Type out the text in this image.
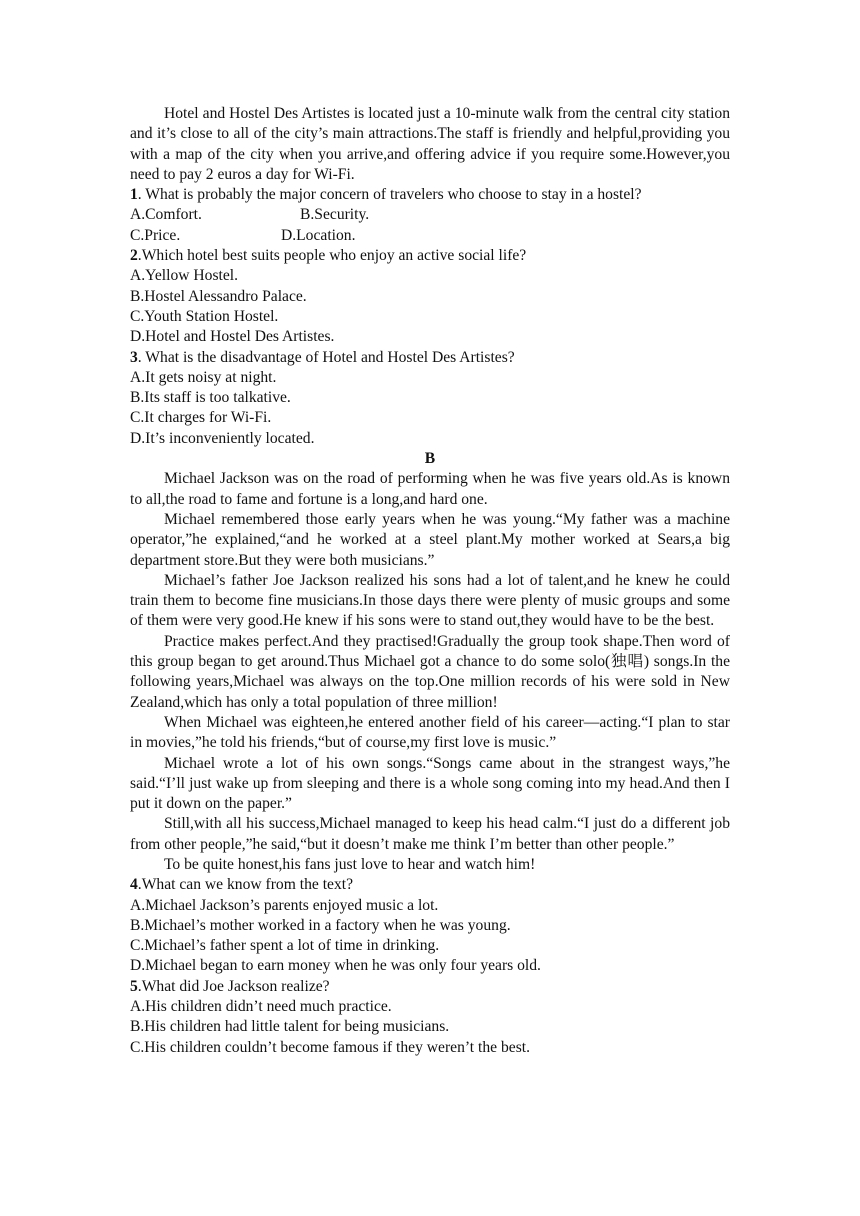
Hotel and Hostel Des Artistes is located just a 10-minute walk from the central city station and it’s close to all of the city’s main attractions.The staff is friendly and helpful,providing you with a map of the city when you arrive,and offering advice if you require some.However,you need to pay 2 euros a day for Wi-Fi.

1. What is probably the major concern of travelers who choose to stay in a hostel?

A.Comfort.	B.Security.

C.Price.	D.Location.

2.Which hotel best suits people who enjoy an active social life?

A.Yellow Hostel.

B.Hostel Alessandro Palace.

C.Youth Station Hostel.

D.Hotel and Hostel Des Artistes.

3. What is the disadvantage of Hotel and Hostel Des Artistes?

A.It gets noisy at night.

B.Its staff is too talkative.

C.It charges for Wi-Fi.

D.It’s inconveniently located.

B

Michael Jackson was on the road of performing when he was five years old.As is known to all,the road to fame and fortune is a long,and hard one.

Michael remembered those early years when he was young.“My father was a machine operator,”he explained,“and he worked at a steel plant.My mother worked at Sears,a big department store.But they were both musicians.”

Michael’s father Joe Jackson realized his sons had a lot of talent,and he knew he could train them to become fine musicians.In those days there were plenty of music groups and some of them were very good.He knew if his sons were to stand out,they would have to be the best.

Practice makes perfect.And they practised!Gradually the group took shape.Then word of this group began to get around.Thus Michael got a chance to do some solo(独唱) songs.In the following years,Michael was always on the top.One million records of his were sold in New Zealand,which has only a total population of three million!

When Michael was eighteen,he entered another field of his career—acting.“I plan to star in movies,”he told his friends,“but of course,my first love is music.”

Michael wrote a lot of his own songs.“Songs came about in the strangest ways,”he said.“I’ll just wake up from sleeping and there is a whole song coming into my head.And then I put it down on the paper.”

Still,with all his success,Michael managed to keep his head calm.“I just do a different job from other people,”he said,“but it doesn’t make me think I’m better than other people.”

To be quite honest,his fans just love to hear and watch him!

4.What can we know from the text?

A.Michael Jackson’s parents enjoyed music a lot.

B.Michael’s mother worked in a factory when he was young.

C.Michael’s father spent a lot of time in drinking.

D.Michael began to earn money when he was only four years old.

5.What did Joe Jackson realize?

A.His children didn’t need much practice.

B.His children had little talent for being musicians.

C.His children couldn’t become famous if they weren’t the best.
